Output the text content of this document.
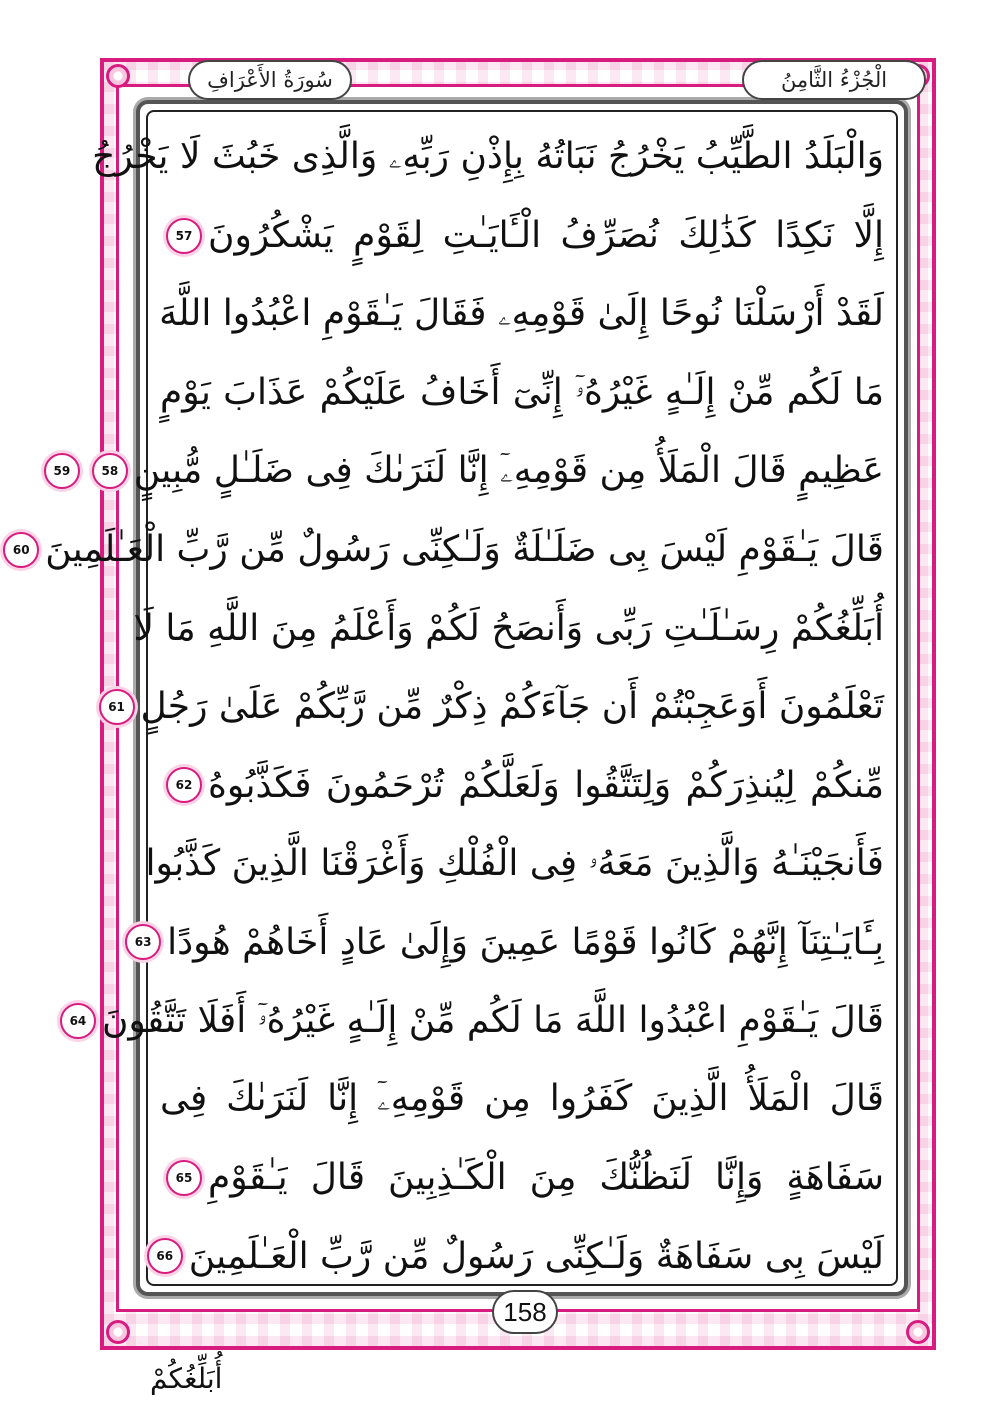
الْجُزْءُ الثَّامِنُ
سُورَةُ الأَعْرَافِ
وَالْبَلَدُ الطَّيِّبُ يَخْرُجُ نَبَاتُهُ بِإِذْنِ رَبِّهِۦ وَالَّذِى خَبُثَ لَا يَخْرُجُ
إِلَّا نَكِدًا كَذَٰلِكَ نُصَرِّفُ الْـَٔايَـٰتِ لِقَوْمٍ يَشْكُرُونَ
57
لَقَدْ أَرْسَلْنَا نُوحًا إِلَىٰ قَوْمِهِۦ فَقَالَ يَـٰقَوْمِ اعْبُدُوا اللَّهَ
مَا لَكُم مِّنْ إِلَـٰهٍ غَيْرُهُۥٓ إِنِّىٓ أَخَافُ عَلَيْكُمْ عَذَابَ يَوْمٍ
عَظِيمٍ قَالَ الْمَلَأُ مِن قَوْمِهِۦٓ إِنَّا لَنَرَىٰكَ فِى ضَلَـٰلٍ مُّبِينٍ
58
59
قَالَ يَـٰقَوْمِ لَيْسَ بِى ضَلَـٰلَةٌ وَلَـٰكِنِّى رَسُولٌ مِّن رَّبِّ الْعَـٰلَمِينَ
60
أُبَلِّغُكُمْ رِسَـٰلَـٰتِ رَبِّى وَأَنصَحُ لَكُمْ وَأَعْلَمُ مِنَ اللَّهِ مَا لَا
تَعْلَمُونَ أَوَعَجِبْتُمْ أَن جَآءَكُمْ ذِكْرٌ مِّن رَّبِّكُمْ عَلَىٰ رَجُلٍ
61
مِّنكُمْ لِيُنذِرَكُمْ وَلِتَتَّقُوا وَلَعَلَّكُمْ تُرْحَمُونَ فَكَذَّبُوهُ
62
فَأَنجَيْنَـٰهُ وَالَّذِينَ مَعَهُۥ فِى الْفُلْكِ وَأَغْرَقْنَا الَّذِينَ كَذَّبُوا
بِـَٔايَـٰتِنَآ إِنَّهُمْ كَانُوا قَوْمًا عَمِينَ وَإِلَىٰ عَادٍ أَخَاهُمْ هُودًا
63
قَالَ يَـٰقَوْمِ اعْبُدُوا اللَّهَ مَا لَكُم مِّنْ إِلَـٰهٍ غَيْرُهُۥٓ أَفَلَا تَتَّقُونَ
64
قَالَ الْمَلَأُ الَّذِينَ كَفَرُوا مِن قَوْمِهِۦٓ إِنَّا لَنَرَىٰكَ فِى
سَفَاهَةٍ وَإِنَّا لَنَظُنُّكَ مِنَ الْكَـٰذِبِينَ قَالَ يَـٰقَوْمِ
65
لَيْسَ بِى سَفَاهَةٌ وَلَـٰكِنِّى رَسُولٌ مِّن رَّبِّ الْعَـٰلَمِينَ
66
158
أُبَلِّغُكُمْ
